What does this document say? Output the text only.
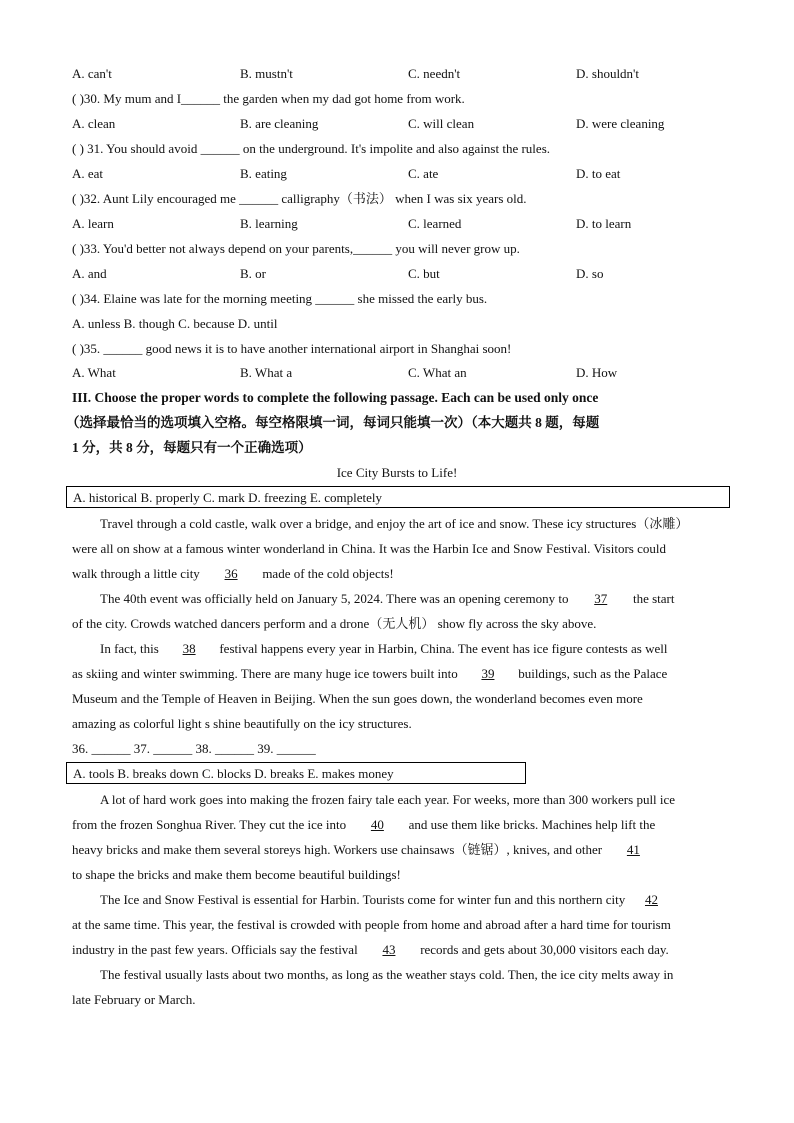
A. can't	B. mustn't	C. needn't	D. shouldn't
( )30. My mum and I______ the garden when my dad got home from work.
A. clean	B. are cleaning	C. will clean	D. were cleaning
( ) 31. You should avoid ______ on the underground. It's impolite and also against the rules.
A. eat	B. eating	C. ate	D. to eat
( )32. Aunt Lily encouraged me ______ calligraphy（书法） when I was six years old.
A. learn	B. learning	C. learned	D. to learn
( )33. You'd better not always depend on your parents,______ you will never grow up.
A. and	B. or	C. but	D. so
( )34. Elaine was late for the morning meeting ______ she missed the early bus.
A. unless B. though C. because D. until
( )35. ______ good news it is to have another international airport in Shanghai soon!
A. What	B. What a	C. What an	D. How
III. Choose the proper words to complete the following passage. Each can be used only once
（选择最恰当的选项填入空格。每空格限填一词，每词只能填一次）（本大题共 8 题，每题
1 分，共 8 分，每题只有一个正确选项）
Ice City Bursts to Life!
A. historical B. properly C. mark D. freezing E. completely
Travel through a cold castle, walk over a bridge, and enjoy the art of ice and snow. These icy structures（冰雕）
were all on show at a famous winter wonderland in China. It was the Harbin Ice and Snow Festival. Visitors could
walk through a little city 36 made of the cold objects!
The 40th event was officially held on January 5, 2024. There was an opening ceremony to 37 the start
of the city. Crowds watched dancers perform and a drone（无人机） show fly across the sky above.
In fact, this 38 festival happens every year in Harbin, China. The event has ice figure contests as well
as skiing and winter swimming. There are many huge ice towers built into 39 buildings, such as the Palace
Museum and the Temple of Heaven in Beijing. When the sun goes down, the wonderland becomes even more
amazing as colorful light s shine beautifully on the icy structures.
36. ______ 37. ______ 38. ______ 39. ______
A. tools B. breaks down C. blocks D. breaks E. makes money
A lot of hard work goes into making the frozen fairy tale each year. For weeks, more than 300 workers pull ice
from the frozen Songhua River. They cut the ice into 40 and use them like bricks. Machines help lift the
heavy bricks and make them several storeys high. Workers use chainsaws（链锯）, knives, and other 41
to shape the bricks and make them become beautiful buildings!
The Ice and Snow Festival is essential for Harbin. Tourists come for winter fun and this northern city 42
at the same time. This year, the festival is crowded with people from home and abroad after a hard time for tourism
industry in the past few years. Officials say the festival 43 records and gets about 30,000 visitors each day.
The festival usually lasts about two months, as long as the weather stays cold. Then, the ice city melts away in
late February or March.
